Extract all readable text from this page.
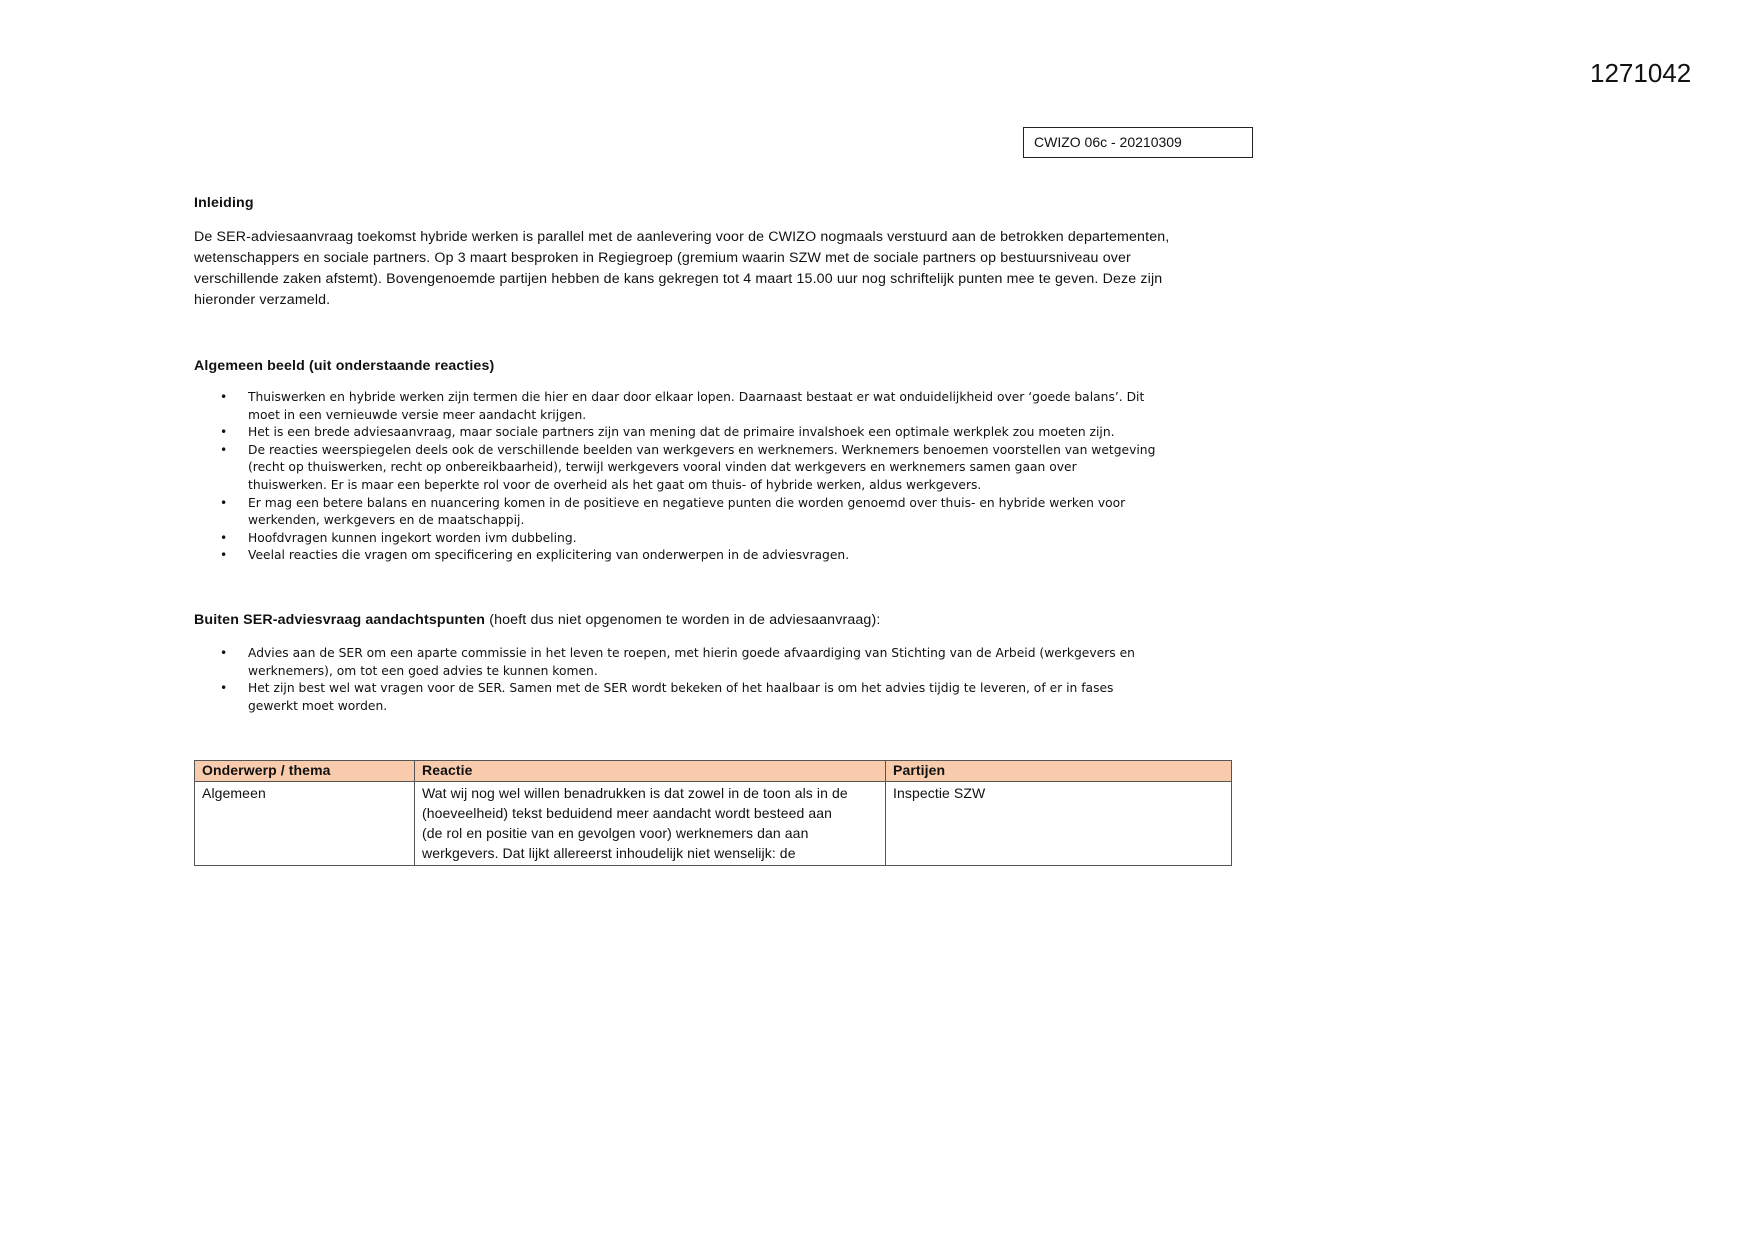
1271042
CWIZO 06c - 20210309
Inleiding
De SER-adviesaanvraag toekomst hybride werken is parallel met de aanlevering voor de CWIZO nogmaals verstuurd aan de betrokken departementen,
wetenschappers en sociale partners. Op 3 maart besproken in Regiegroep (gremium waarin SZW met de sociale partners op bestuursniveau over
verschillende zaken afstemt). Bovengenoemde partijen hebben de kans gekregen tot 4 maart 15.00 uur nog schriftelijk punten mee te geven. Deze zijn
hieronder verzameld.
Algemeen beeld (uit onderstaande reacties)
• Thuiswerken en hybride werken zijn termen die hier en daar door elkaar lopen. Daarnaast bestaat er wat onduidelijkheid over ‘goede balans’. Dit
moet in een vernieuwde versie meer aandacht krijgen.
• Het is een brede adviesaanvraag, maar sociale partners zijn van mening dat de primaire invalshoek een optimale werkplek zou moeten zijn.
• De reacties weerspiegelen deels ook de verschillende beelden van werkgevers en werknemers. Werknemers benoemen voorstellen van wetgeving
(recht op thuiswerken, recht op onbereikbaarheid), terwijl werkgevers vooral vinden dat werkgevers en werknemers samen gaan over
thuiswerken. Er is maar een beperkte rol voor de overheid als het gaat om thuis- of hybride werken, aldus werkgevers.
• Er mag een betere balans en nuancering komen in de positieve en negatieve punten die worden genoemd over thuis- en hybride werken voor
werkenden, werkgevers en de maatschappij.
• Hoofdvragen kunnen ingekort worden ivm dubbeling.
• Veelal reacties die vragen om specificering en explicitering van onderwerpen in de adviesvragen.
Buiten SER-adviesvraag aandachtspunten (hoeft dus niet opgenomen te worden in de adviesaanvraag):
• Advies aan de SER om een aparte commissie in het leven te roepen, met hierin goede afvaardiging van Stichting van de Arbeid (werkgevers en
werknemers), om tot een goed advies te kunnen komen.
• Het zijn best wel wat vragen voor de SER. Samen met de SER wordt bekeken of het haalbaar is om het advies tijdig te leveren, of er in fases
gewerkt moet worden.
Onderwerp / thema	Reactie	Partijen
Algemeen	Wat wij nog wel willen benadrukken is dat zowel in de toon als in de
(hoeveelheid) tekst beduidend meer aandacht wordt besteed aan
(de rol en positie van en gevolgen voor) werknemers dan aan
werkgevers. Dat lijkt allereerst inhoudelijk niet wenselijk: de	Inspectie SZW
